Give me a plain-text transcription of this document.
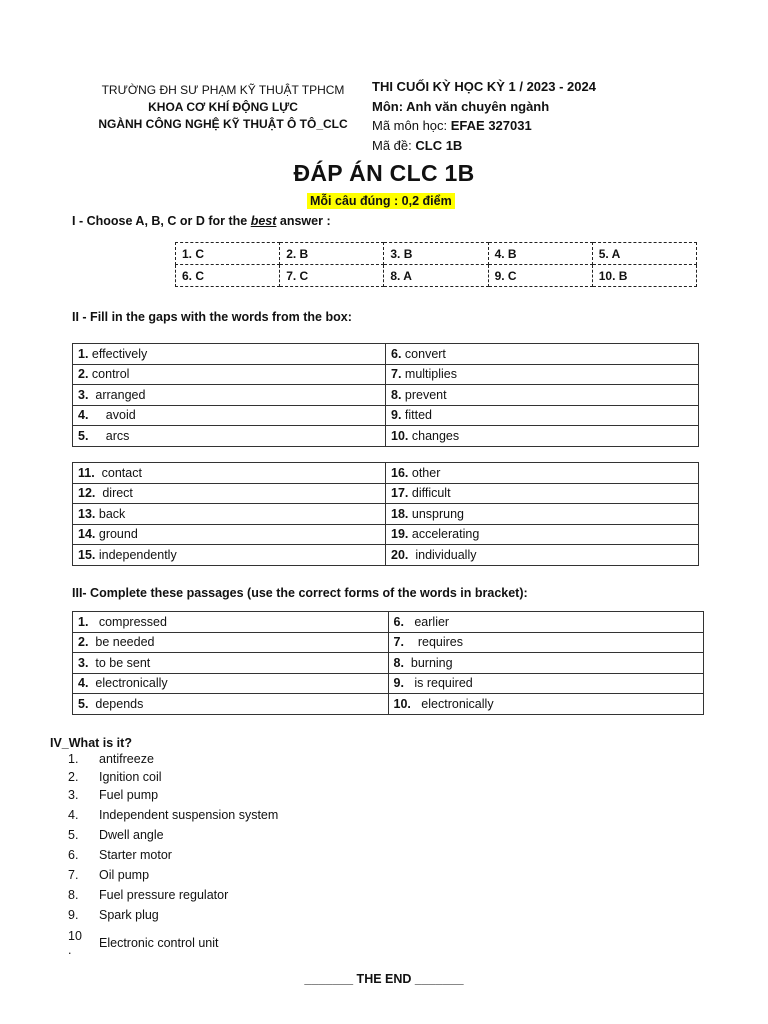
TRƯỜNG ĐH SƯ PHẠM KỸ THUẬT TPHCM
KHOA CƠ KHÍ ĐỘNG LỰC
NGÀNH CÔNG NGHỆ KỸ THUẬT Ô TÔ_CLC
THI CUỐI KỲ HỌC KỲ 1 / 2023 - 2024
Môn: Anh văn chuyên ngành
Mã môn học: EFAE 327031
Mã đề: CLC 1B
ĐÁP ÁN CLC 1B
Mỗi câu đúng : 0,2 điểm
I - Choose A, B, C or D for the best answer :
1. C	2. B	3. B	4. B	5. A
6. C	7. C	8. A	9. C	10. B
II - Fill in the gaps with the words from the box:
1. effectively	6. convert
2. control	7. multiplies
3.  arranged	8. prevent
4.     avoid	9. fitted
5.     arcs	10. changes
11.  contact	16. other
12.  direct	17. difficult
13. back	18. unsprung
14. ground	19. accelerating
15. independently	20.  individually
III- Complete these passages (use the correct forms of the words in bracket):
1.   compressed	6.   earlier
2.  be needed	7.    requires
3.  to be sent	8.  burning
4.  electronically	9.   is required
5.  depends	10.   electronically
IV_What is it?
1. antifreeze
2. Ignition coil
3. Fuel pump
4. Independent suspension system
5. Dwell angle
6. Starter motor
7. Oil pump
8. Fuel pressure regulator
9. Spark plug
10 Electronic control unit
.
_______ THE END _______
